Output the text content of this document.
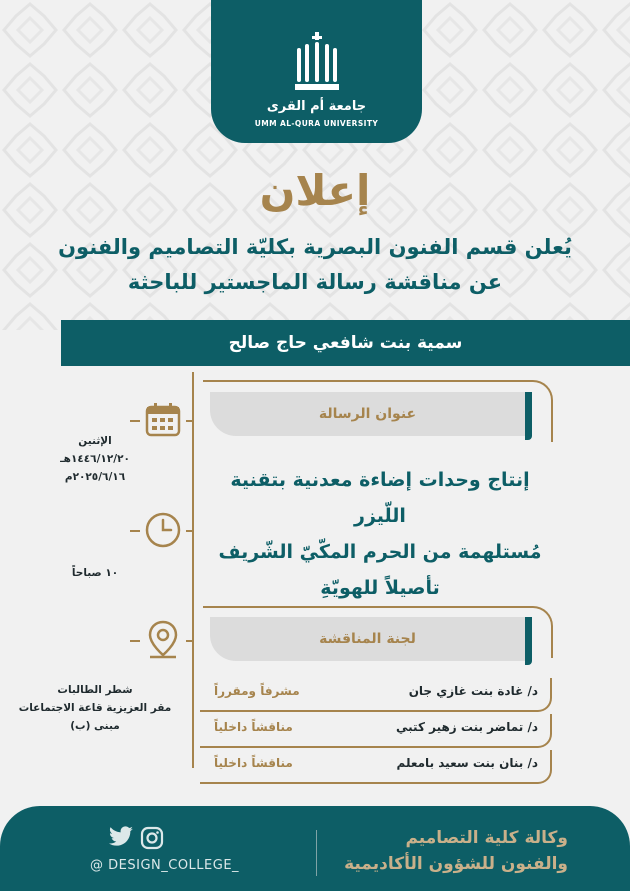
جامعة أم القرى
UMM AL-QURA UNIVERSITY
إعلان
يُعلن قسم الفنون البصرية بكليّة التصاميم والفنون
عن مناقشة رسالة الماجستير للباحثة
سمية بنت شافعي حاج صالح
الإثنين
١٤٤٦/١٢/٢٠هـ
٢٠٢٥/٦/١٦م
١٠ صباحاً
شطر الطالبات
مقر العزيزية قاعة الاجتماعات
مبنى (ب)
عنوان الرسالة
إنتاج وحدات إضاءة معدنية بتقنية اللّيزر
مُستلهمة من الحرم المكّيّ الشّريف
تأصيلاً للهويّةِ
لجنة المناقشة
د/ غادة بنت غازي جان
مشرفاً ومقرراً
د/ تماضر بنت زهير كتبي
مناقشاً داخلياً
د/ بنان بنت سعيد بامعلم
مناقشاً داخلياً
@ DESIGN_COLLEGE_
وكالة كلية التصاميم
والفنون للشؤون الأكاديمية
